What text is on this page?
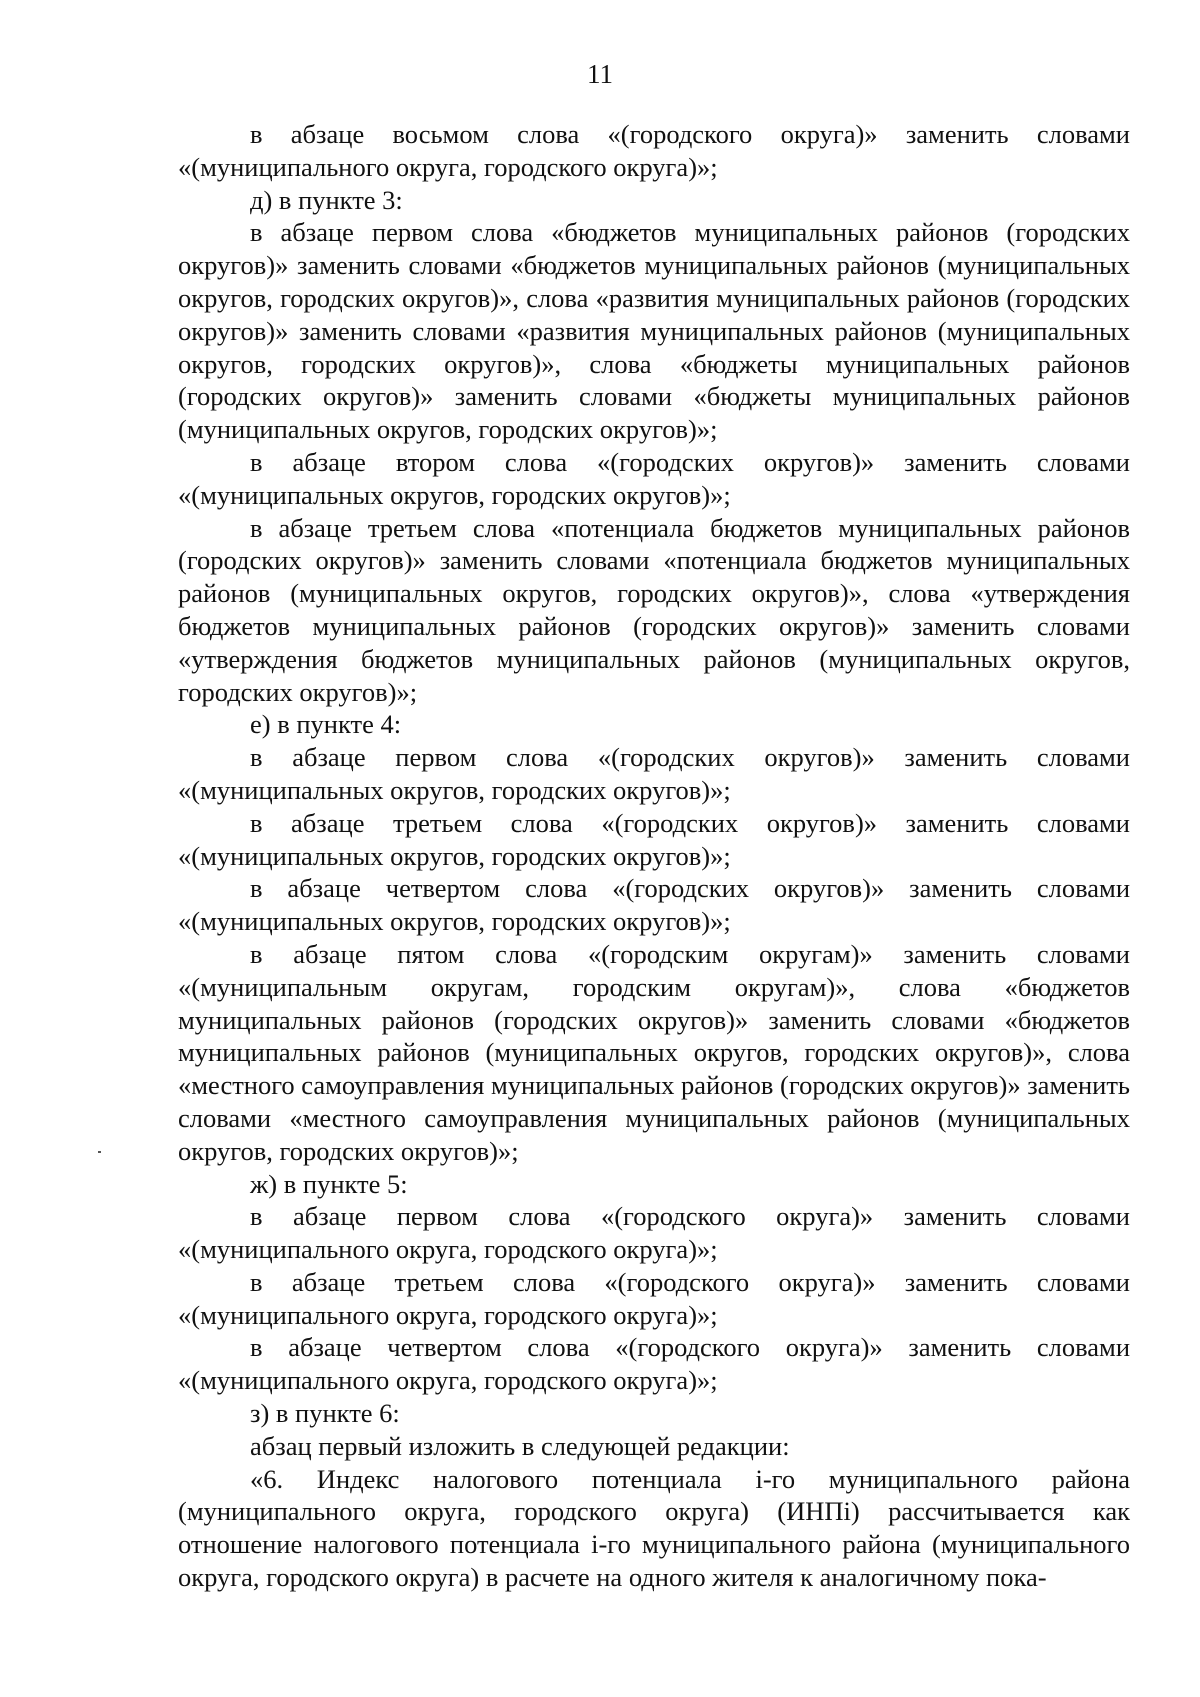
11

в абзаце восьмом слова «(городского округа)» заменить словами «(муниципального округа, городского округа)»;

д) в пункте 3:

в абзаце первом слова «бюджетов муниципальных районов (городских округов)» заменить словами «бюджетов муниципальных районов (муниципальных округов, городских округов)», слова «развития муниципальных районов (городских округов)» заменить словами «развития муниципальных районов (муниципальных округов, городских округов)», слова «бюджеты муниципальных районов (городских округов)» заменить словами «бюджеты муниципальных районов (муниципальных округов, городских округов)»;

в абзаце втором слова «(городских округов)» заменить словами «(муниципальных округов, городских округов)»;

в абзаце третьем слова «потенциала бюджетов муниципальных районов (городских округов)» заменить словами «потенциала бюджетов муниципальных районов (муниципальных округов, городских округов)», слова «утверждения бюджетов муниципальных районов (городских округов)» заменить словами «утверждения бюджетов муниципальных районов (муниципальных округов, городских округов)»;

е) в пункте 4:

в абзаце первом слова «(городских округов)» заменить словами «(муниципальных округов, городских округов)»;

в абзаце третьем слова «(городских округов)» заменить словами «(муниципальных округов, городских округов)»;

в абзаце четвертом слова «(городских округов)» заменить словами «(муниципальных округов, городских округов)»;

в абзаце пятом слова «(городским округам)» заменить словами «(муниципальным округам, городским округам)», слова «бюджетов муниципальных районов (городских округов)» заменить словами «бюджетов муниципальных районов (муниципальных округов, городских округов)», слова «местного самоуправления муниципальных районов (городских округов)» заменить словами «местного самоуправления муниципальных районов (муниципальных округов, городских округов)»;

ж) в пункте 5:

в абзаце первом слова «(городского округа)» заменить словами «(муниципального округа, городского округа)»;

в абзаце третьем слова «(городского округа)» заменить словами «(муниципального округа, городского округа)»;

в абзаце четвертом слова «(городского округа)» заменить словами «(муниципального округа, городского округа)»;

з) в пункте 6:

абзац первый изложить в следующей редакции:

«6. Индекс налогового потенциала i-го муниципального района (муниципального округа, городского округа) (ИНПi) рассчитывается как отношение налогового потенциала i-го муниципального района (муниципального округа, городского округа) в расчете на одного жителя к аналогичному пока-
